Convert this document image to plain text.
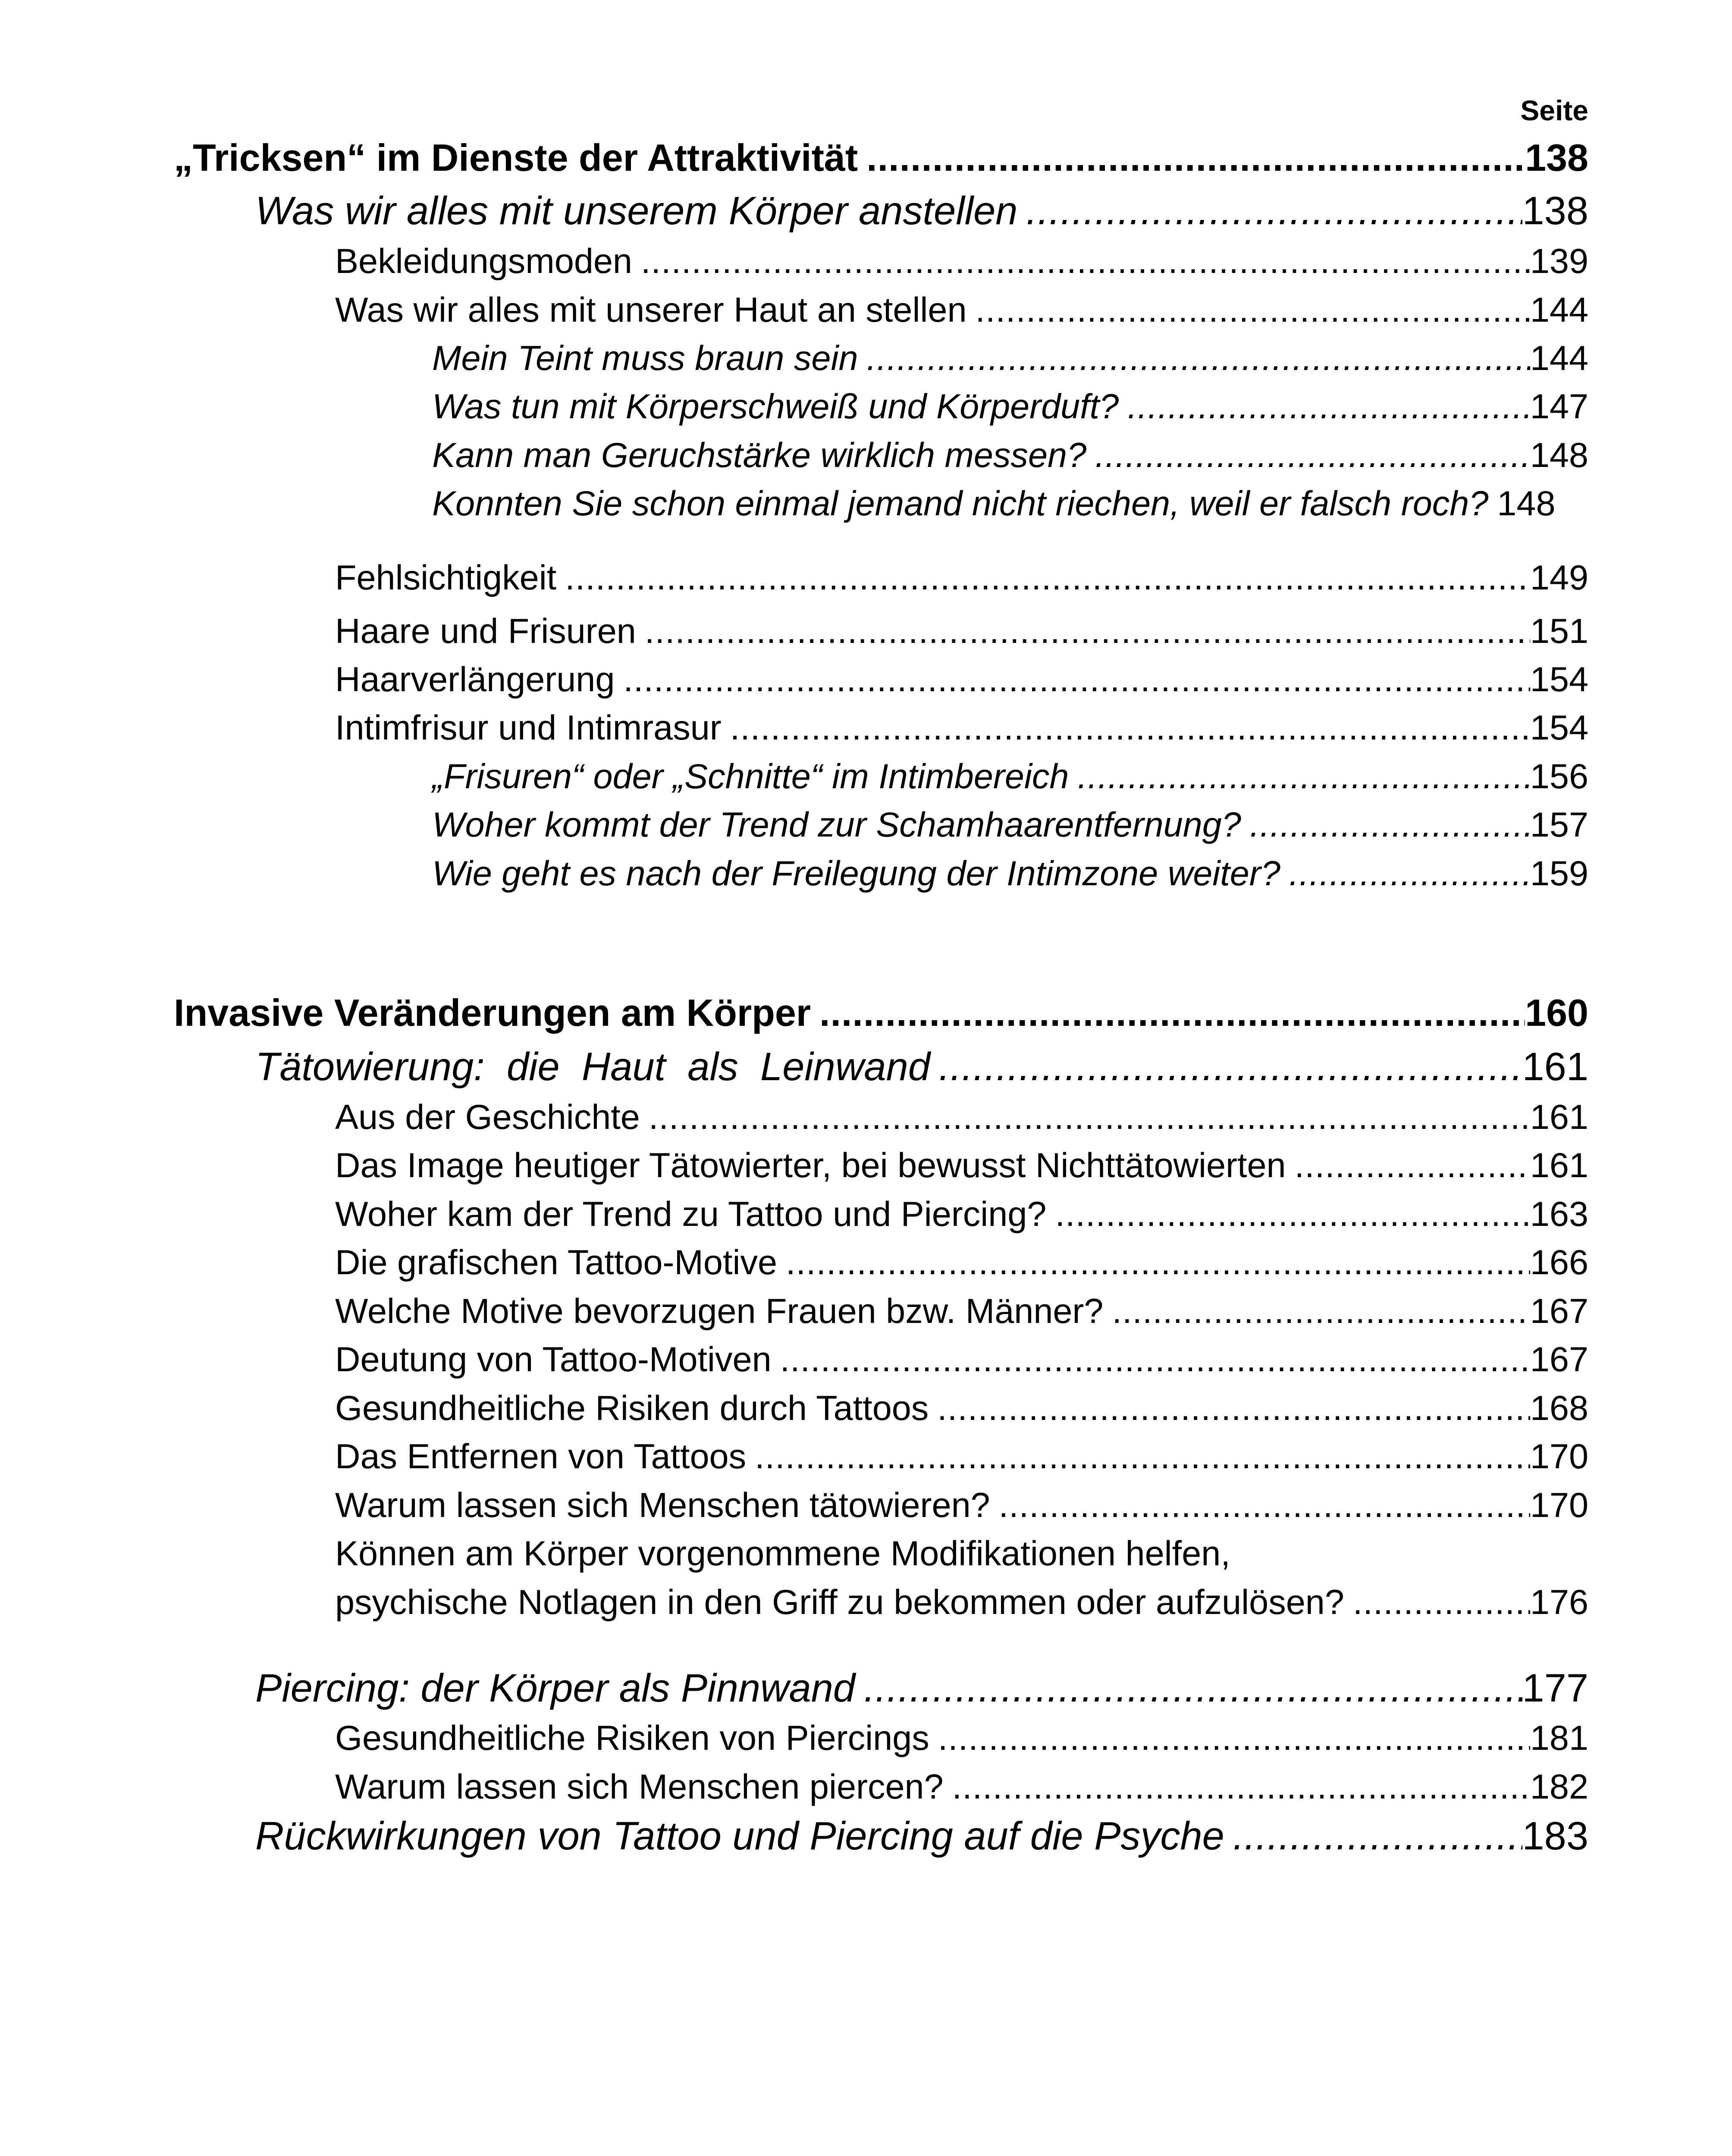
Seite
„Tricksen“ im Dienste der Attraktivität .....	138
Was wir alles mit unserem Körper anstellen .....	138
Bekleidungsmoden .....	139
Was wir alles mit unserer Haut an stellen .....	144
Mein Teint muss braun sein .....	144
Was tun mit Körperschweiß und Körperduft? .....	147
Kann man Geruchstärke wirklich messen? .....	148
Konnten Sie schon einmal jemand nicht riechen, weil er falsch roch? 148
Fehlsichtigkeit .....	149
Haare und Frisuren .....	151
Haarverlängerung .....	154
Intimfrisur und Intimrasur .....	154
„Frisuren“ oder „Schnitte“ im Intimbereich .....	156
Woher kommt der Trend zur Schamhaarentfernung? .....	157
Wie geht es nach der Freilegung der Intimzone weiter? .....	159
Invasive Veränderungen am Körper .....	160
Tätowierung:  die  Haut  als  Leinwand .....	161
Aus der Geschichte .....	161
Das Image heutiger Tätowierter, bei bewusst Nichttätowierten .....	161
Woher kam der Trend zu Tattoo und Piercing? .....	163
Die grafischen Tattoo-Motive .....	166
Welche Motive bevorzugen Frauen bzw. Männer? .....	167
Deutung von Tattoo-Motiven .....	167
Gesundheitliche Risiken durch Tattoos .....	168
Das Entfernen von Tattoos .....	170
Warum lassen sich Menschen tätowieren? .....	170
Können am Körper vorgenommene Modifikationen helfen,
psychische Notlagen in den Griff zu bekommen oder aufzulösen? .....	176
Piercing: der Körper als Pinnwand .....	177
Gesundheitliche Risiken von Piercings .....	181
Warum lassen sich Menschen piercen? .....	182
Rückwirkungen von Tattoo und Piercing auf die Psyche .....	183
